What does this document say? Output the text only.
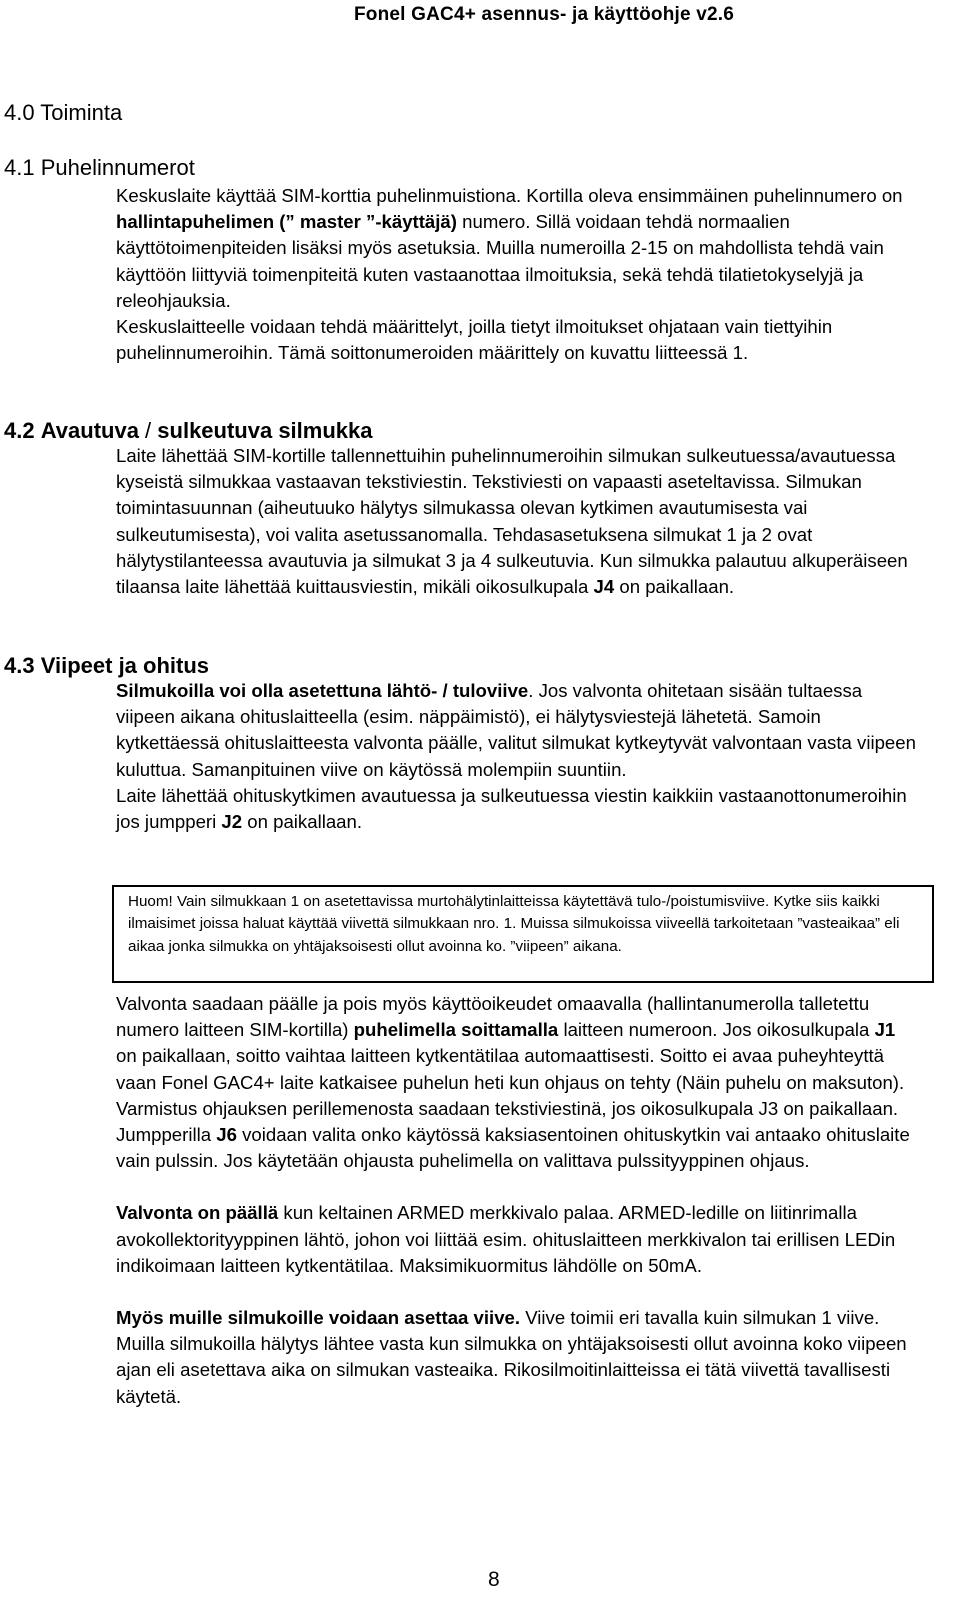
Fonel GAC4+ asennus- ja käyttöohje v2.6
4.0 Toiminta
4.1 Puhelinnumerot

Keskuslaite käyttää SIM-korttia puhelinmuistiona. Kortilla oleva ensimmäinen puhelinnumero on hallintapuhelimen (” master ”-käyttäjä) numero. Sillä voidaan tehdä normaalien käyttötoimenpiteiden lisäksi myös asetuksia. Muilla numeroilla 2-15 on mahdollista tehdä vain käyttöön liittyviä toimenpiteitä kuten vastaanottaa ilmoituksia, sekä tehdä tilatietokyselyjä ja releohjauksia.

Keskuslaitteelle voidaan tehdä määrittelyt, joilla tietyt ilmoitukset ohjataan vain tiettyihin puhelinnumeroihin. Tämä soittonumeroiden määrittely on kuvattu liitteessä 1.

4.2 Avautuva / sulkeutuva silmukka

Laite lähettää SIM-kortille tallennettuihin puhelinnumeroihin silmukan sulkeutuessa/avautuessa kyseistä silmukkaa vastaavan tekstiviestin. Tekstiviesti on vapaasti aseteltavissa. Silmukan toimintasuunnan (aiheutuuko hälytys silmukassa olevan kytkimen avautumisesta vai sulkeutumisesta), voi valita asetussanomalla. Tehdasasetuksena silmukat 1 ja 2 ovat hälytystilanteessa avautuvia ja silmukat 3 ja 4 sulkeutuvia. Kun silmukka palautuu alkuperäiseen tilaansa laite lähettää kuittausviestin, mikäli oikosulkupala J4 on paikallaan.

4.3 Viipeet ja ohitus

Silmukoilla voi olla asetettuna lähtö- / tuloviive. Jos valvonta ohitetaan sisään tultaessa viipeen aikana ohituslaitteella (esim. näppäimistö), ei hälytysviestejä lähetetä. Samoin kytkettäessä ohituslaitteesta valvonta päälle, valitut silmukat kytkeytyvät valvontaan vasta viipeen kuluttua. Samanpituinen viive on käytössä molempiin suuntiin.

Laite lähettää ohituskytkimen avautuessa ja sulkeutuessa viestin kaikkiin vastaanottonumeroihin jos jumpperi J2 on paikallaan.

Huom! Vain silmukkaan 1 on asetettavissa murtohälytinlaitteissa käytettävä tulo-/poistumisviive. Kytke siis kaikki ilmaisimet joissa haluat käyttää viivettä silmukkaan nro. 1. Muissa silmukoissa viiveellä tarkoitetaan ”vasteaikaa” eli aikaa jonka silmukka on yhtäjaksoisesti ollut avoinna ko. ”viipeen” aikana.

Valvonta saadaan päälle ja pois myös käyttöoikeudet omaavalla (hallintanumerolla talletettu numero laitteen SIM-kortilla) puhelimella soittamalla laitteen numeroon. Jos oikosulkupala J1 on paikallaan, soitto vaihtaa laitteen kytkentätilaa automaattisesti. Soitto ei avaa puheyhteyttä vaan Fonel GAC4+ laite katkaisee puhelun heti kun ohjaus on tehty (Näin puhelu on maksuton). Varmistus ohjauksen perillemenosta saadaan tekstiviestinä, jos oikosulkupala J3 on paikallaan. Jumpperilla J6 voidaan valita onko käytössä kaksiasentoinen ohituskytkin vai antaako ohituslaite vain pulssin. Jos käytetään ohjausta puhelimella on valittava pulssityyppinen ohjaus.

Valvonta on päällä kun keltainen ARMED merkkivalo palaa. ARMED-ledille on liitinrimalla avokollektorityyppinen lähtö, johon voi liittää esim. ohituslaitteen merkkivalon tai erillisen LEDin indikoimaan laitteen kytkentätilaa. Maksimikuormitus lähdölle on 50mA.

Myös muille silmukoille voidaan asettaa viive. Viive toimii eri tavalla kuin silmukan 1 viive. Muilla silmukoilla hälytys lähtee vasta kun silmukka on yhtäjaksoisesti ollut avoinna koko viipeen ajan eli asetettava aika on silmukan vasteaika. Rikosilmoitinlaitteissa ei tätä viivettä tavallisesti käytetä.

8
